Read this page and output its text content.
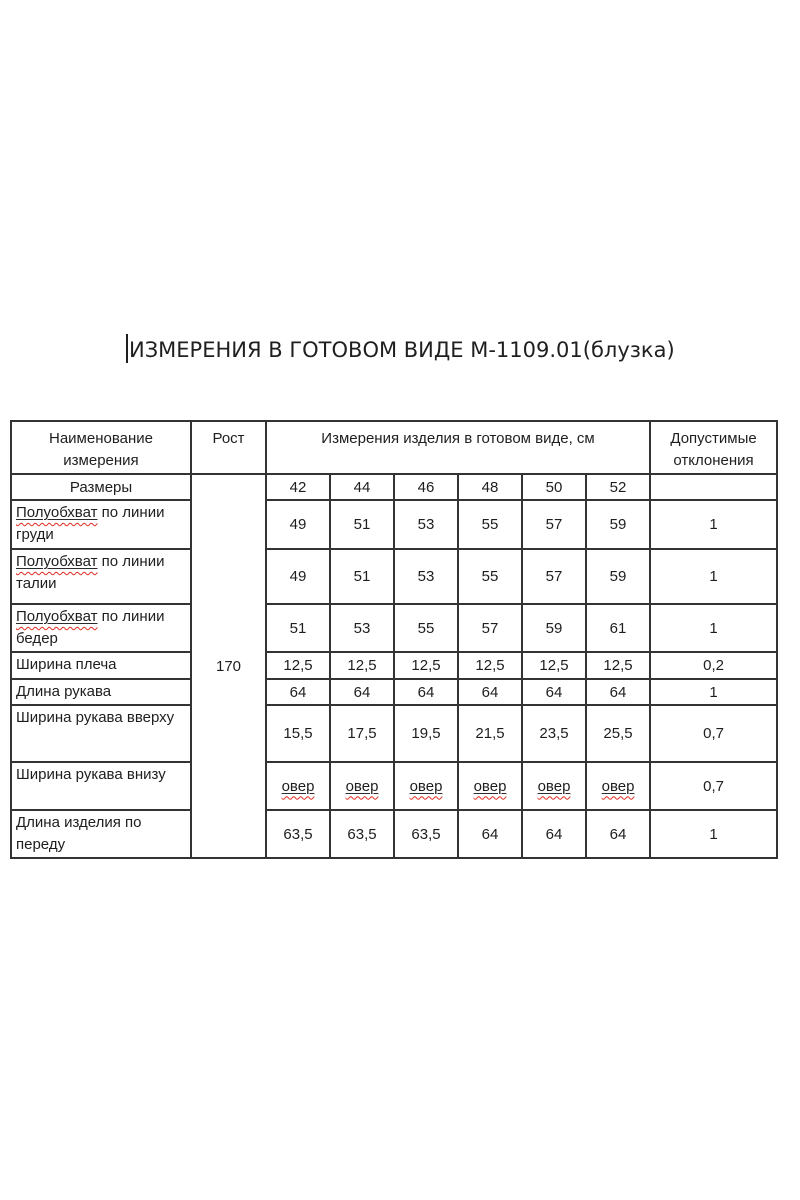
ИЗМЕРЕНИЯ В ГОТОВОМ ВИДЕ М-1109.01(блузка)
Наименование измерения	Рост	Измерения изделия в готовом виде, см						Допустимые отклонения
Размеры	170	42	44	46	48	50	52	
Полуобхват по линии груди		49	51	53	55	57	59	1
Полуобхват по линии талии		49	51	53	55	57	59	1
Полуобхват по линии бедер		51	53	55	57	59	61	1
Ширина плеча		12,5	12,5	12,5	12,5	12,5	12,5	0,2
Длина рукава		64	64	64	64	64	64	1
Ширина рукава вверху		15,5	17,5	19,5	21,5	23,5	25,5	0,7
Ширина рукава внизу		овер	овер	овер	овер	овер	овер	0,7
Длина изделия по переду		63,5	63,5	63,5	64	64	64	1
